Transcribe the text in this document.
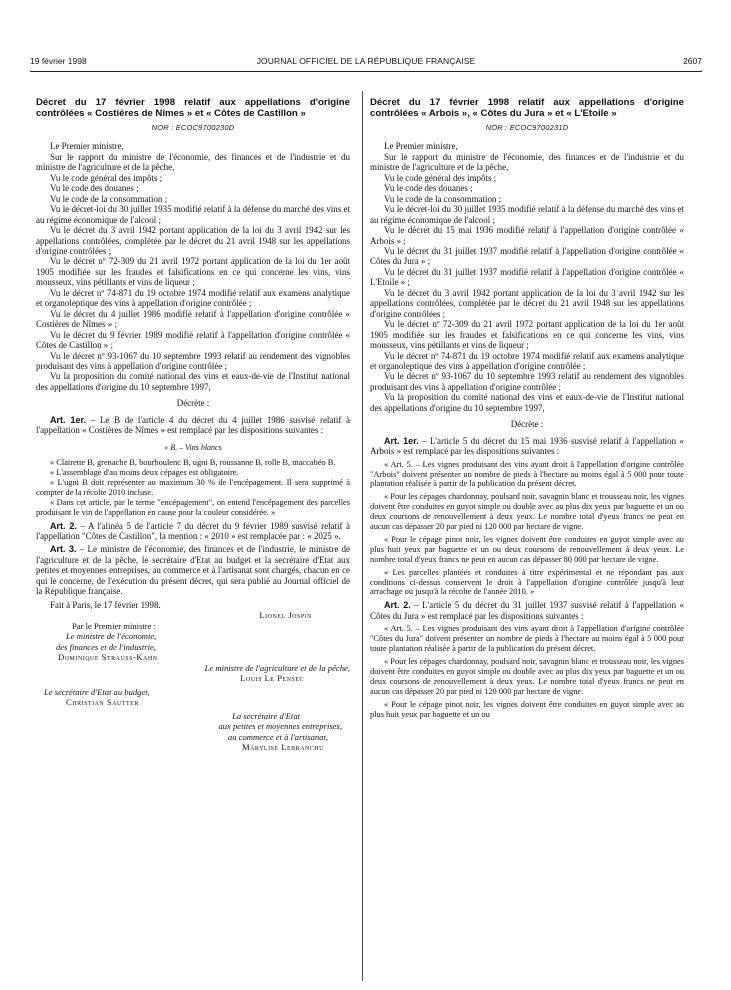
19 février 1998	JOURNAL OFFICIEL DE LA RÉPUBLIQUE FRANÇAISE	2607
Décret du 17 février 1998 relatif aux appellations d'origine contrôlées « Costières de Nîmes » et « Côtes de Castillon »
NOR : ECOC9700230D

Le Premier ministre,

Sur le rapport du ministre de l'économie, des finances et de l'industrie et du ministre de l'agriculture et de la pêche,

Vu le code général des impôts ;

Vu le code des douanes ;

Vu le code de la consommation ;

Vu le décret-loi du 30 juillet 1935 modifié relatif à la défense du marché des vins et au régime économique de l'alcool ;

Vu le décret du 3 avril 1942 portant application de la loi du 3 avril 1942 sur les appellations contrôlées, complétée par le décret du 21 avril 1948 sur les appellations d'origine contrôlées ;

Vu le décret nº 72-309 du 21 avril 1972 portant application de la loi du 1er août 1905 modifiée sur les fraudes et falsifications en ce qui concerne les vins, vins mousseux, vins pétillants et vins de liqueur ;

Vu le décret nº 74-871 du 19 octobre 1974 modifié relatif aux examens analytique et organoleptique des vins à appellation d'origine contrôlée ;

Vu le décret du 4 juillet 1986 modifié relatif à l'appellation d'origine contrôlée « Costières de Nîmes » ;

Vu le décret du 9 février 1989 modifié relatif à l'appellation d'origine contrôlée « Côtes de Castillon » ;

Vu le décret nº 93-1067 du 10 septembre 1993 relatif au rendement des vignobles produisant des vins à appellation d'origine contrôlée ;

Vu la proposition du comité national des vins et eaux-de-vie de l'Institut national des appellations d'origine du 10 septembre 1997,

Décrète :

Art. 1er. – Le B de l'article 4 du décret du 4 juillet 1986 susvisé relatif à l'appellation « Costières de Nîmes » est remplacé par les dispositions suivantes :

« B. – Vins blancs

« Clairette B, grenache B, bourboulenc B, ugni B, roussanne B, rolle B, maccabéo B.

« L'assemblage d'au moins deux cépages est obligatoire.

« L'ugni B doit représenter au maximum 30 % de l'encépagement. Il sera supprimé à compter de la récolte 2010 incluse.

« Dans cet article, par le terme "encépagement", on entend l'encépagement des parcelles produisant le vin de l'appellation en cause pour la couleur considérée. »

Art. 2. – A l'alinéa 5 de l'article 7 du décret du 9 février 1989 susvisé relatif à l'appellation "Côtes de Castillon", la mention : « 2010 » est remplacée par : « 2025 ».

Art. 3. – Le ministre de l'économie, des finances et de l'industrie, le ministre de l'agriculture et de la pêche, le secrétaire d'Etat au budget et la secrétaire d'Etat aux petites et moyennes entreprises, au commerce et à l'artisanat sont chargés, chacun en ce qui le concerne, de l'exécution du présent décret, qui sera publié au Journal officiel de la République française.

Fait à Paris, le 17 février 1998.

Lionel Jospin
Par le Premier ministre :
Le ministre de l'économie,
des finances et de l'industrie,
Dominique Strauss-Kahn
Le ministre de l'agriculture et de la pêche,
Louis Le Pensec
Le secrétaire d'Etat au budget,
Christian Sautter
La secrétaire d'Etat
aux petites et moyennes entreprises,
au commerce et à l'artisanat,
Marylise Lebranchu
Décret du 17 février 1998 relatif aux appellations d'origine contrôlées « Arbois », « Côtes du Jura » et « L'Etoile »
NOR : ECOC9700231D

Le Premier ministre,

Sur le rapport du ministre de l'économie, des finances et de l'industrie et du ministre de l'agriculture et de la pêche,

Vu le code général des impôts ;

Vu le code des douanes ;

Vu le code de la consommation ;

Vu le décret-loi du 30 juillet 1935 modifié relatif à la défense du marché des vins et au régime économique de l'alcool ;

Vu le décret du 15 mai 1936 modifié relatif à l'appellation d'origine contrôlée « Arbois » ;

Vu le décret du 31 juillet 1937 modifié relatif à l'appellation d'origine contrôlée « Côtes du Jura » ;

Vu le décret du 31 juillet 1937 modifié relatif à l'appellation d'origine contrôlée « L'Etoile » ;

Vu le décret du 3 avril 1942 portant application de la loi du 3 avril 1942 sur les appellations contrôlées, complétée par le décret du 21 avril 1948 sur les appellations d'origine contrôlées ;

Vu le décret nº 72-309 du 21 avril 1972 portant application de la loi du 1er août 1905 modifiée sur les fraudes et falsifications en ce qui concerne les vins, vins mousseux, vins pétillants et vins de liqueur ;

Vu le décret nº 74-871 du 19 octobre 1974 modifié relatif aux examens analytique et organoleptique des vins à appellation d'origine contrôlée ;

Vu le décret nº 93-1067 du 10 septembre 1993 relatif au rendement des vignobles produisant des vins à appellation d'origine contrôlée ;

Vu la proposition du comité national des vins et eaux-de-vie de l'Institut national des appellations d'origine du 10 septembre 1997,

Décrète :

Art. 1er. – L'article 5 du décret du 15 mai 1936 susvisé relatif à l'appellation « Arbois » est remplacé par les dispositions suivantes :

« Art. 5. – Les vignes produisant des vins ayant droit à l'appellation d'origine contrôlée "Arbois" doivent présenter un nombre de pieds à l'hectare au moins égal à 5 000 pour toute plantation réalisée à partir de la publication du présent décret.

« Pour les cépages chardonnay, poulsard noir, savagnin blanc et trousseau noir, les vignes doivent être conduites en guyot simple ou double avec au plus dix yeux par baguette et un ou deux coursons de renouvellement à deux yeux. Le nombre total d'yeux francs ne peut en aucun cas dépasser 20 par pied ni 120 000 par hectare de vigne.

« Pour le cépage pinot noir, les vignes doivent être conduites en guyot simple avec au plus huit yeux par baguette et un ou deux coursons de renouvellement à deux yeux. Le nombre total d'yeux francs ne peut en aucun cas dépasser 80 000 par hectare de vigne.

« Les parcelles plantées et conduites à titre expérimental et ne répondant pas aux conditions ci-dessus conservent le droit à l'appellation d'origine contrôlée jusqu'à leur arrachage ou jusqu'à la récolte de l'année 2010. »

Art. 2. – L'article 5 du décret du 31 juillet 1937 susvisé relatif à l'appellation « Côtes du Jura » est remplacé par les dispositions suivantes :

« Art. 5. – Les vignes produisant des vins ayant droit à l'appellation d'origine contrôlée "Côtes du Jura" doivent présenter un nombre de pieds à l'hectare au moins égal à 5 000 pour toute plantation réalisée à partir de la publication du présent décret.

« Pour les cépages chardonnay, poulsard noir, savagnin blanc et trousseau noir, les vignes doivent être conduites en guyot simple ou double avec au plus dix yeux par baguette et un ou deux coursons de renouvellement à deux yeux. Le nombre total d'yeux francs ne peut en aucun cas dépasser 20 par pied ni 120 000 par hectare de vigne.

« Pour le cépage pinot noir, les vignes doivent être conduites en guyot simple avec au plus huit yeux par baguette et un ou
